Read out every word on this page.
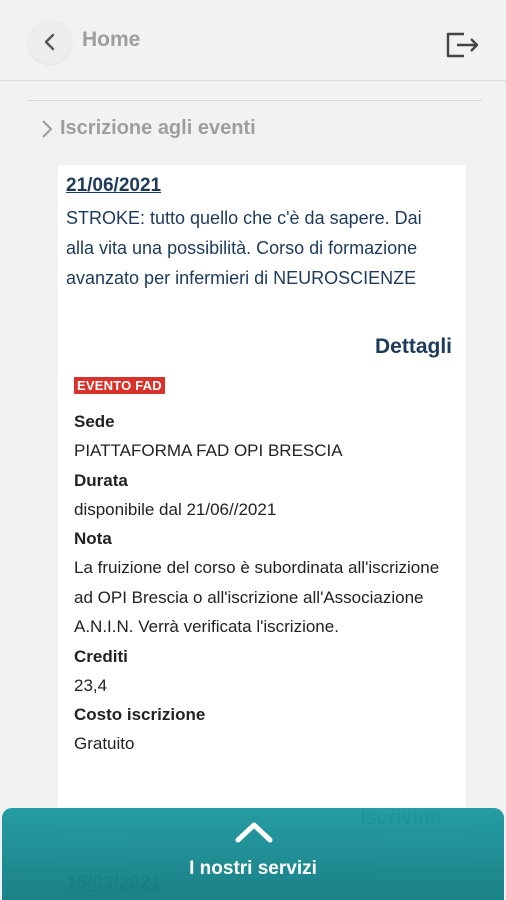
Home
Iscrizione agli eventi
21/06/2021
STROKE: tutto quello che c'è da sapere. Dai alla vita una possibilità. Corso di formazione avanzato per infermieri di NEUROSCIENZE
Dettagli
EVENTO FAD
Sede
PIATTAFORMA FAD OPI BRESCIA
Durata
disponibile dal 21/06//2021
Nota
La fruizione del corso è subordinata all'iscrizione ad OPI Brescia o all'iscrizione all'Associazione A.N.I.N. Verrà verificata l'iscrizione.
Crediti
23,4
Costo iscrizione
Gratuito
I nostri servizi
